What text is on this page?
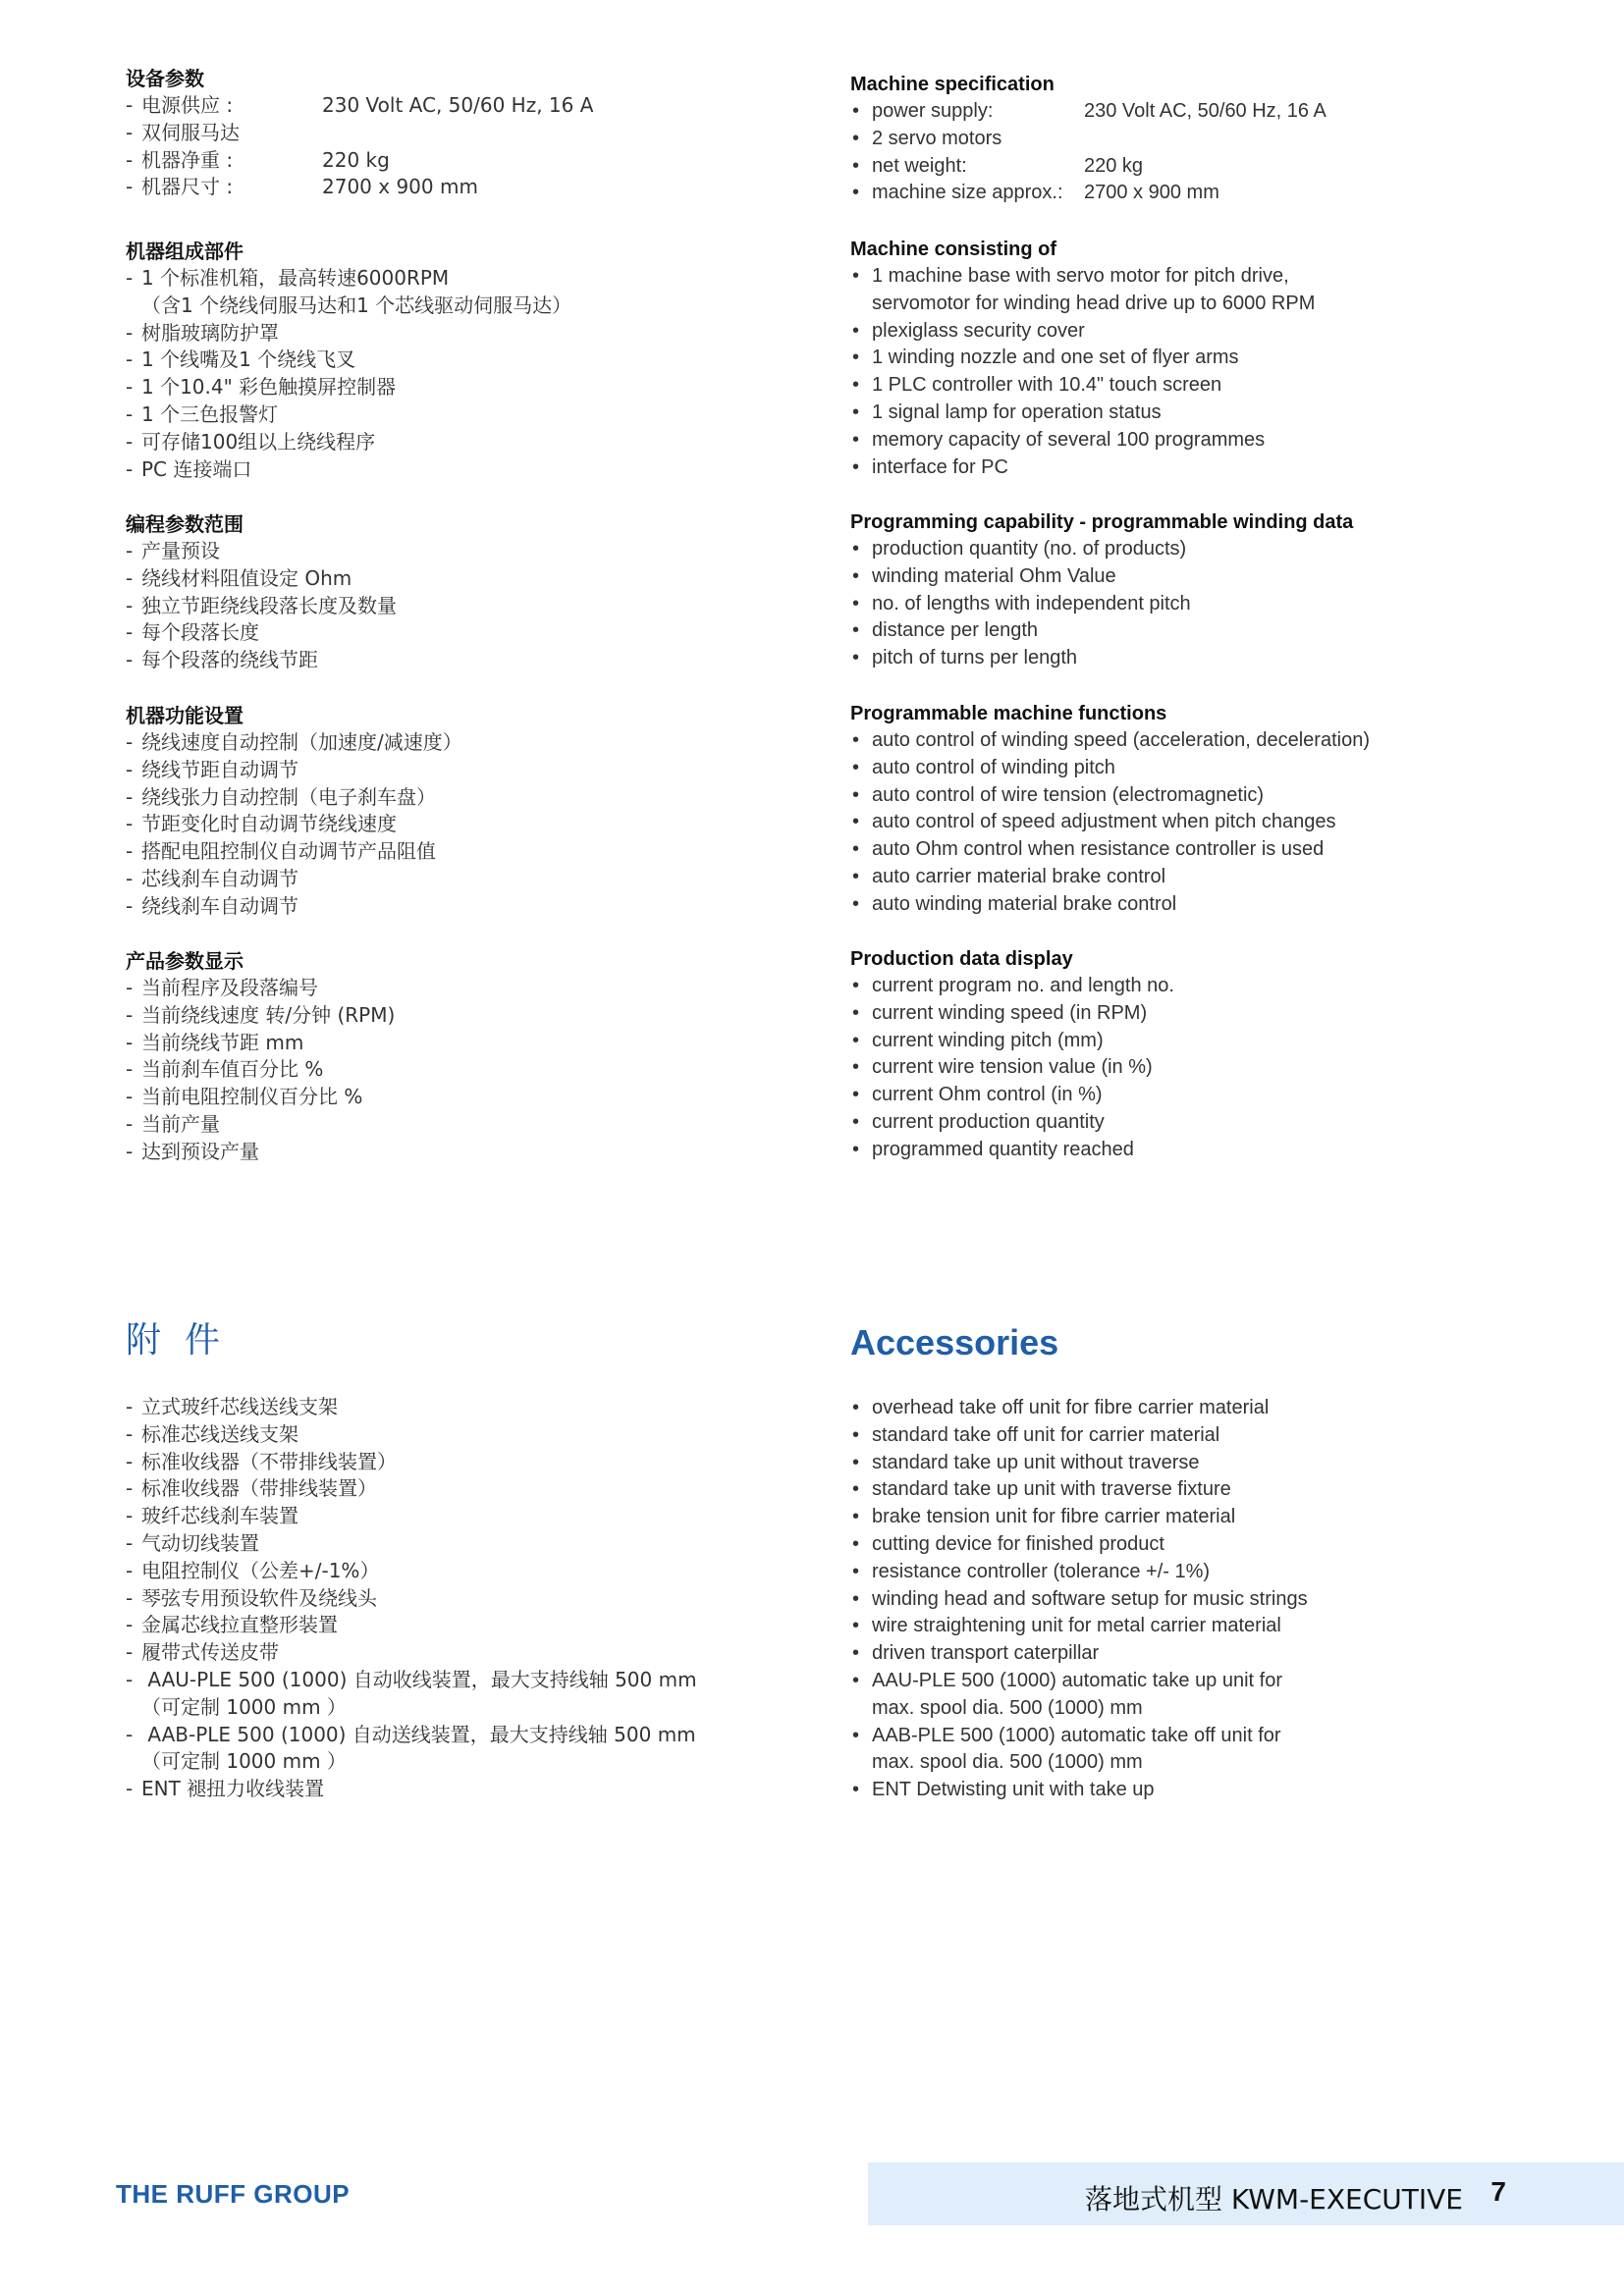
设备参数
- 电源供应 :	230 Volt AC, 50/60 Hz, 16 A
- 双伺服马达
- 机器净重 :	220 kg
- 机器尺寸 :	2700 x 900 mm
机器组成部件
- 1 个标准机箱，最高转速6000RPM
（含1 个绕线伺服马达和1 个芯线驱动伺服马达）
- 树脂玻璃防护罩
- 1 个线嘴及1 个绕线飞叉
- 1 个10.4" 彩色触摸屏控制器
- 1 个三色报警灯
- 可存储100组以上绕线程序
- PC 连接端口
编程参数范围
- 产量预设
- 绕线材料阻值设定 Ohm
- 独立节距绕线段落长度及数量
- 每个段落长度
- 每个段落的绕线节距
机器功能设置
- 绕线速度自动控制（加速度/减速度）
- 绕线节距自动调节
- 绕线张力自动控制（电子刹车盘）
- 节距变化时自动调节绕线速度
- 搭配电阻控制仪自动调节产品阻值
- 芯线刹车自动调节
- 绕线刹车自动调节
产品参数显示
- 当前程序及段落编号
- 当前绕线速度 转/分钟 (RPM)
- 当前绕线节距 mm
- 当前刹车值百分比 %
- 当前电阻控制仪百分比 %
- 当前产量
- 达到预设产量
附件
- 立式玻纤芯线送线支架
- 标准芯线送线支架
- 标准收线器（不带排线装置）
- 标准收线器（带排线装置）
- 玻纤芯线刹车装置
- 气动切线装置
- 电阻控制仪（公差+/-1%）
- 琴弦专用预设软件及绕线头
- 金属芯线拉直整形装置
- 履带式传送皮带
- AAU-PLE 500 (1000) 自动收线装置，最大支持线轴 500 mm
（可定制 1000 mm ）
- AAB-PLE 500 (1000) 自动送线装置，最大支持线轴 500 mm
（可定制 1000 mm ）
- ENT 褪扭力收线装置
Machine specification
• power supply:	230 Volt AC, 50/60 Hz, 16 A
• 2 servo motors
• net weight:	220 kg
• machine size approx.: 2700 x 900 mm
Machine consisting of
• 1 machine base with servo motor for pitch drive,
servomotor for winding head drive up to 6000 RPM
• plexiglass security cover
• 1 winding nozzle and one set of flyer arms
• 1 PLC controller with 10.4" touch screen
• 1 signal lamp for operation status
• memory capacity of several 100 programmes
• interface for PC
Programming capability - programmable winding data
• production quantity (no. of products)
• winding material Ohm Value
• no. of lengths with independent pitch
• distance per length
• pitch of turns per length
Programmable machine functions
• auto control of winding speed (acceleration, deceleration)
• auto control of winding pitch
• auto control of wire tension (electromagnetic)
• auto control of speed adjustment when pitch changes
• auto Ohm control when resistance controller is used
• auto carrier material brake control
• auto winding material brake control
Production data display
• current program no. and length no.
• current winding speed (in RPM)
• current winding pitch (mm)
• current wire tension value (in %)
• current Ohm control (in %)
• current production quantity
• programmed quantity reached
Accessories
• overhead take off unit for fibre carrier material
• standard take off unit for carrier material
• standard take up unit without traverse
• standard take up unit with traverse fixture
• brake tension unit for fibre carrier material
• cutting device for finished product
• resistance controller (tolerance +/- 1%)
• winding head and software setup for music strings
• wire straightening unit for metal carrier material
• driven transport caterpillar
• AAU-PLE 500 (1000) automatic take up unit for
max. spool dia. 500 (1000) mm
• AAB-PLE 500 (1000) automatic take off unit for
max. spool dia. 500 (1000) mm
• ENT Detwisting unit with take up
THE RUFF GROUP	落地式机型 KWM-EXECUTIVE 7
